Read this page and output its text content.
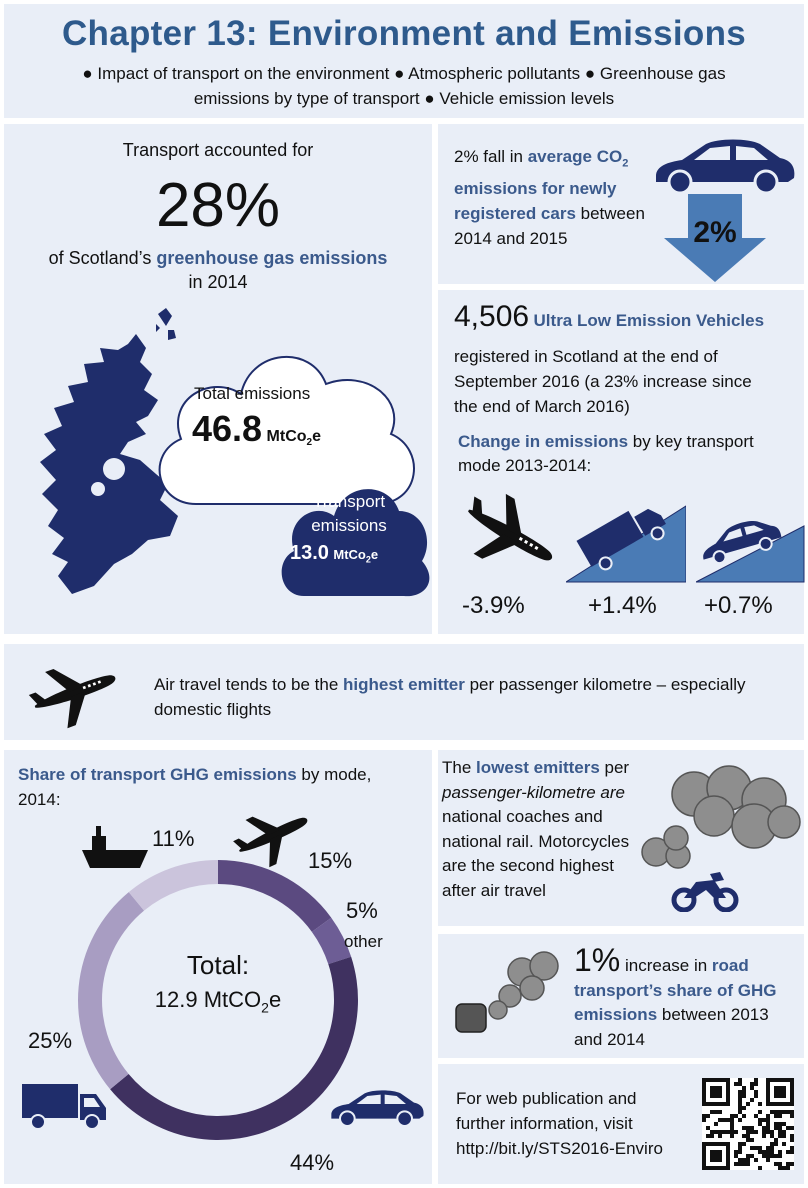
Chapter 13: Environment and Emissions
● Impact of transport on the environment ● Atmospheric pollutants ● Greenhouse gas
emissions by type of transport ● Vehicle emission levels
Transport accounted for
28%
of Scotland’s greenhouse gas emissions
in 2014
Total emissions
46.8 MtCo$_2$e
Transport
emissions
13.0 MtCo$_2$e
2% fall in average $CO_2$
emissions for newly
registered cars between
2014 and 2015	2%
4,506 Ultra Low Emission Vehicles
registered in Scotland at the end of
September 2016 (a 23% increase since
the end of March 2016)
Change in emissions by key transport
mode 2013-2014:
-3.9%	+1.4% +0.7%
Air travel tends to be the highest emitter per passenger kilometre – especially
domestic flights
Share of transport GHG emissions by mode,
2014:
Total:
12.9 MtCO$_2$e
11%
15%
5%
other
25%
44%
The lowest emitters per
passenger-kilometre are
national coaches and
national rail. Motorcycles
are the second highest
after air travel
1% increase in road
transport’s share of GHG
emissions between 2013
and 2014
For web publication and
further information, visit
http://bit.ly/STS2016-Enviro
